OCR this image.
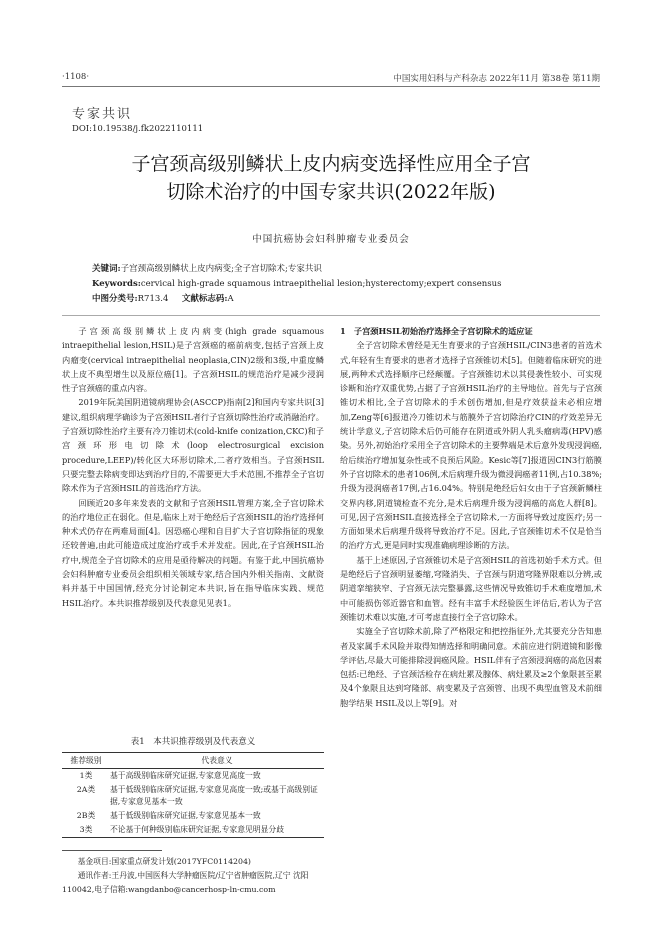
·1108·	中国实用妇科与产科杂志 2022年11月 第38卷 第11期
专家共识
DOI:10.19538/j.fk2022110111
子宫颈高级别鳞状上皮内病变选择性应用全子宫
切除术治疗的中国专家共识(2022年版)
中国抗癌协会妇科肿瘤专业委员会
关键词:子宫颈高级别鳞状上皮内病变;全子宫切除术;专家共识
Keywords:cervical high-grade squamous intraepithelial lesion;hysterectomy;expert consensus
中图分类号:R713.4 文献标志码:A

子宫颈高级别鳞状上皮内病变(high grade squamous intraepithelial lesion,HSIL)是子宫颈癌的癌前病变,包括子宫颈上皮内瘤变(cervical intraepithelial neoplasia,CIN)2级和3级,中重度鳞状上皮不典型增生以及原位癌[1]。子宫颈HSIL的规范治疗是减少浸润性子宫颈癌的重点内容。

2019年阮美国阴道镜病理协会(ASCCP)指南[2]和国内专家共识[3]建议,组织病理学确诊为子宫颈HSIL者行子宫颈切除性治疗或消融治疗。子宫颈切除性治疗主要有冷刀锥切术(cold-knife conization,CKC)和子宫颈环形电切除术(loop electrosurgical excision procedure,LEEP)/转化区大环形切除术,二者疗效相当。子宫颈HSIL只要完整去除病变即达到治疗目的,不需要更大手术范围,不推荐全子宫切除术作为子宫颈HSIL的首选治疗方法。

回顾近20多年来发表的文献和子宫颈HSIL管理方案,全子宫切除术的治疗地位正在弱化。但是,临床上对于绝经后子宫颈HSIL的治疗选择何种术式仍存在两难局面[4]。因恐癌心理和自目扩大子宫切除指征的现象还较普遍,由此可能造成过度治疗或手术并发症。因此,在子宫颈HSIL治疗中,规范全子宫切除术的应用是亟待解决的问题。有鉴于此,中国抗癌协会妇科肿瘤专业委员会组织相关领域专家,结合国内外相关指南、文献资料并基于中国国情,经充分讨论制定本共识,旨在指导临床实践、规范HSIL治疗。本共识推荐级别及代表意见见表1。

表1　本共识推荐级别及代表意义
推荐级别	代表意义
1类	基于高级别临床研究证据,专家意见高度一致
2A类	基于低级别临床研究证据,专家意见高度一致;或基于高级别证据,专家意见基本一致
2B类	基于低级别临床研究证据,专家意见基本一致
3类	不论基于何种级别临床研究证据,专家意见明显分歧
基金项目:国家重点研发计划(2017YFC0114204)
通讯作者:王丹波,中国医科大学肿瘤医院/辽宁省肿瘤医院,辽宁 沈阳 110042,电子信箱:wangdanbo@cancerhosp-ln-cmu.com

1　子宫颈HSIL初始治疗选择全子宫切除术的适应证

全子宫切除术曾经是无生育要求的子宫颈HSIL/CIN3患者的首选术式,年轻有生育要求的患者才选择子宫颈锥切术[5]。但随着临床研究的进展,两种术式选择顺序已经颠覆。子宫颈锥切术以其侵袭性较小、可实现诊断和治疗双重优势,占据了子宫颈HSIL治疗的主导地位。首先与子宫颈锥切术相比,全子宫切除术的手术创伤增加,但是疗效获益未必相应增加,Zeng等[6]报道冷刀锥切术与筋膜外子宫切除治疗CIN的疗效差异无统计学意义,子宫切除术后仍可能存在阴道或外阴人乳头瘤病毒(HPV)感染。另外,初始治疗采用全子宫切除术的主要弊端是术后意外发现浸润癌,给后续治疗增加复杂性或不良预后风险。Kesic等[7]报道因CIN3行筋膜外子宫切除术的患者106例,术后病理升级为微浸润癌者11例,占10.38%;升级为浸润癌者17例,占16.04%。特别是绝经后妇女由于子宫颈新鳞柱交界内移,阴道镜检查不充分,是术后病理升级为浸润癌的高危人群[8]。可见,因子宫颈HSIL直接选择全子宫切除术,一方面将导致过度医疗;另一方面如果术后病理升级将导致治疗不足。因此,子宫颈锥切术不仅是恰当的治疗方式,更是同时实现准确病理诊断的方法。

基于上述原因,子宫颈锥切术是子宫颈HSIL的首选初始手术方式。但是绝经后子宫颈明显萎缩,穹隆消失、子宫颈与阴道穹隆界限难以分辨,或阴道挛缩狭窄、子宫颈无法完整暴露,这些情况导致锥切手术难度增加,术中可能损伤邻近器官和血管。经有丰富手术经验医生评估后,若认为子宫颈锥切术难以实施,才可考虑直接行全子宫切除术。

实施全子宫切除术前,除了严格限定和把控指征外,尤其要充分告知患者及家属手术风险并取得知情选择和明确同意。术前应进行阴道镜和影像学评估,尽最大可能排除浸润癌风险。HSIL伴有子宫颈浸润癌的高危因素包括:已绝经、子宫颈活检存在病灶累及腺体、病灶累及≥2个象限甚至累及4个象限且达到穹隆部、病变累及子宫颈管、出现不典型血管及术前细胞学结果 HSIL及以上等[9]。对
